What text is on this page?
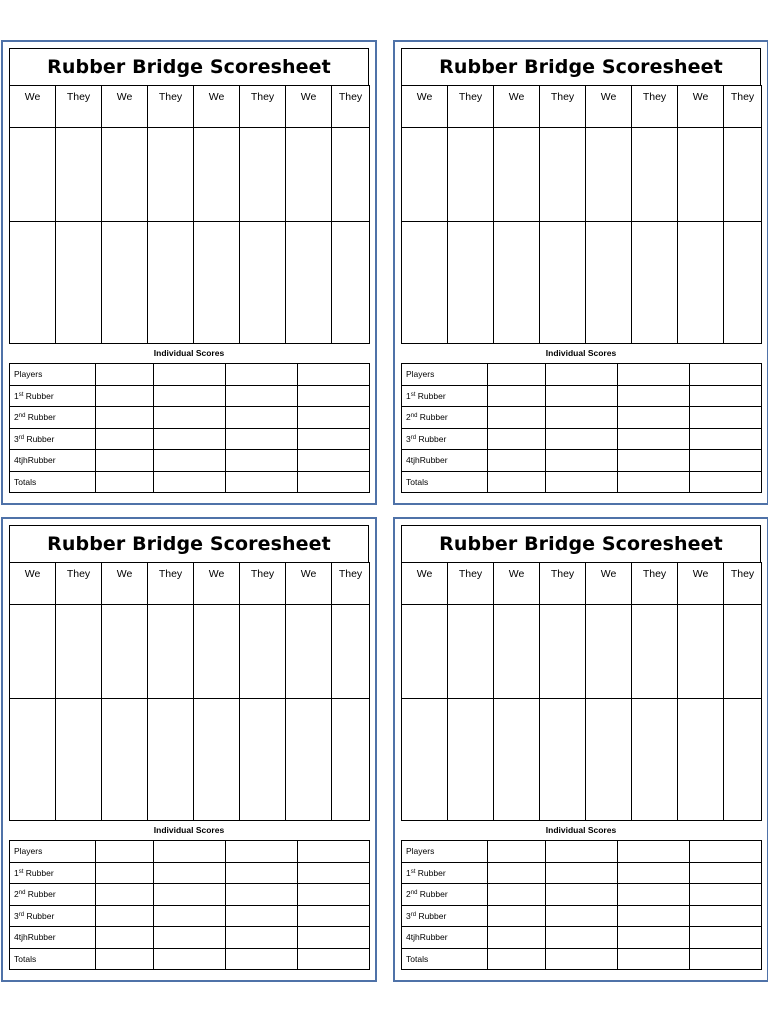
Rubber Bridge Scoresheet
We	They	We	They	We	They	We	They

Individual Scores
Players				
1st Rubber				
2nd Rubber				
3rd Rubber				
4tjhRubber				
Totals				
Rubber Bridge Scoresheet
We	They	We	They	We	They	We	They

Individual Scores
Players				
1st Rubber				
2nd Rubber				
3rd Rubber				
4tjhRubber				
Totals				
Rubber Bridge Scoresheet
We	They	We	They	We	They	We	They

Individual Scores
Players				
1st Rubber				
2nd Rubber				
3rd Rubber				
4tjhRubber				
Totals				
Rubber Bridge Scoresheet
We	They	We	They	We	They	We	They

Individual Scores
Players				
1st Rubber				
2nd Rubber				
3rd Rubber				
4tjhRubber				
Totals				
